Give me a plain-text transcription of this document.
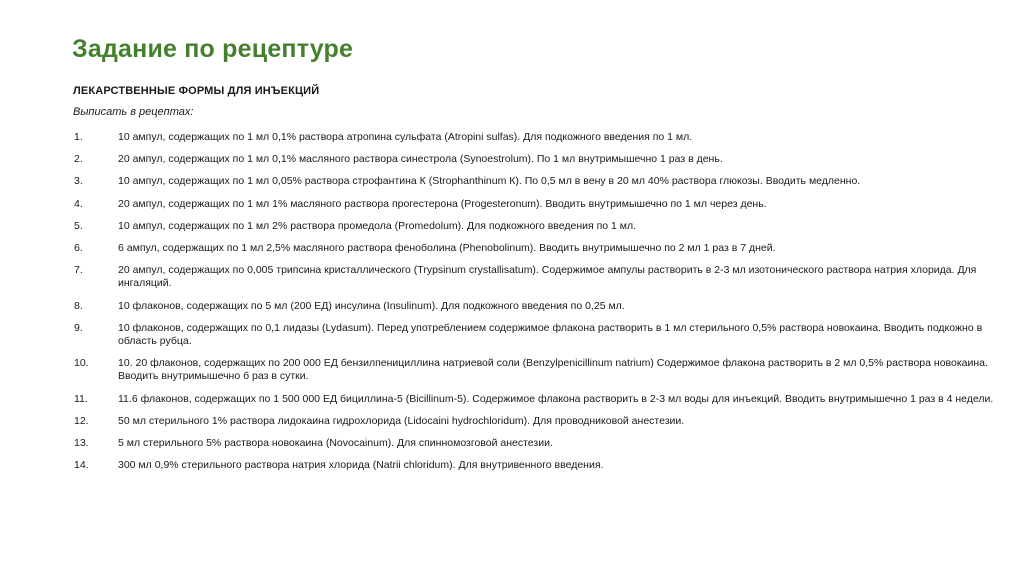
Задание по рецептуре
ЛЕКАРСТВЕННЫЕ ФОРМЫ ДЛЯ ИНЪЕКЦИЙ
Выписать в рецептах:
1.	10 ампул, содержащих по 1 мл 0,1% раствора атропина сульфата (Atropini sulfas). Для подкожного введения по 1 мл.
2.	20 ампул, содержащих по 1 мл 0,1% масляного раствора синестрола (Synoestrolum). По 1 мл внутримышечно 1 раз в день.
3.	10 ампул, содержащих по 1 мл 0,05% раствора строфантина К (Strophanthinum К). По 0,5 мл в вену в 20 мл 40% раствора глюкозы. Вводить медленно.
4.	20 ампул, содержащих по 1 мл 1% масляного раствора прогестерона (Progesteronum). Вводить внутримышечно по 1 мл через день.
5.	10 ампул, содержащих по 1 мл 2% раствора промедола (Promedolum). Для подкожного введения по 1 мл.
6.	6 ампул, содержащих по 1 мл 2,5% масляного раствора феноболина (Phenobolinum). Вводить внутримышечно по 2 мл 1 раз в 7 дней.
7.	20 ампул, содержащих по 0,005 трипсина кристаллического (Trypsinum crystallisatum). Содержимое ампулы растворить в 2-3 мл изотонического раствора натрия хлорида. Для ингаляций.
8.	10 флаконов, содержащих по 5 мл (200 ЕД) инсулина (Insulinum). Для подкожного введения по 0,25 мл.
9.	10 флаконов, содержащих по 0,1 лидазы (Lydasum). Перед употреблением содержимое флакона растворить в 1 мл стерильного 0,5% раствора новокаина. Вводить подкожно в область рубца.
10.	10. 20 флаконов, содержащих по 200 000 ЕД бензилпенициллина натриевой соли (Benzylpenicillinum natrium) Содержимое флакона растворить в 2 мл 0,5% раствора новокаина. Вводить внутримышечно б раз в сутки.
11.	11.6 флаконов, содержащих по 1 500 000 ЕД бициллина-5 (Bicillinum-5). Содержимое флакона растворить в 2-3 мл воды для инъекций. Вводить внутримышечно 1 раз в 4 недели.
12.	50 мл стерильного 1% раствора лидокаина гидрохлорида (Lidocaini hydrochloridum). Для проводниковой анестезии.
13.	5 мл стерильного 5% раствора новокаина (Novocainum). Для спинномозговой анестезии.
14.	300 мл 0,9% стерильного раствора натрия хлорида (Natrii chloridum). Для внутривенного введения.
